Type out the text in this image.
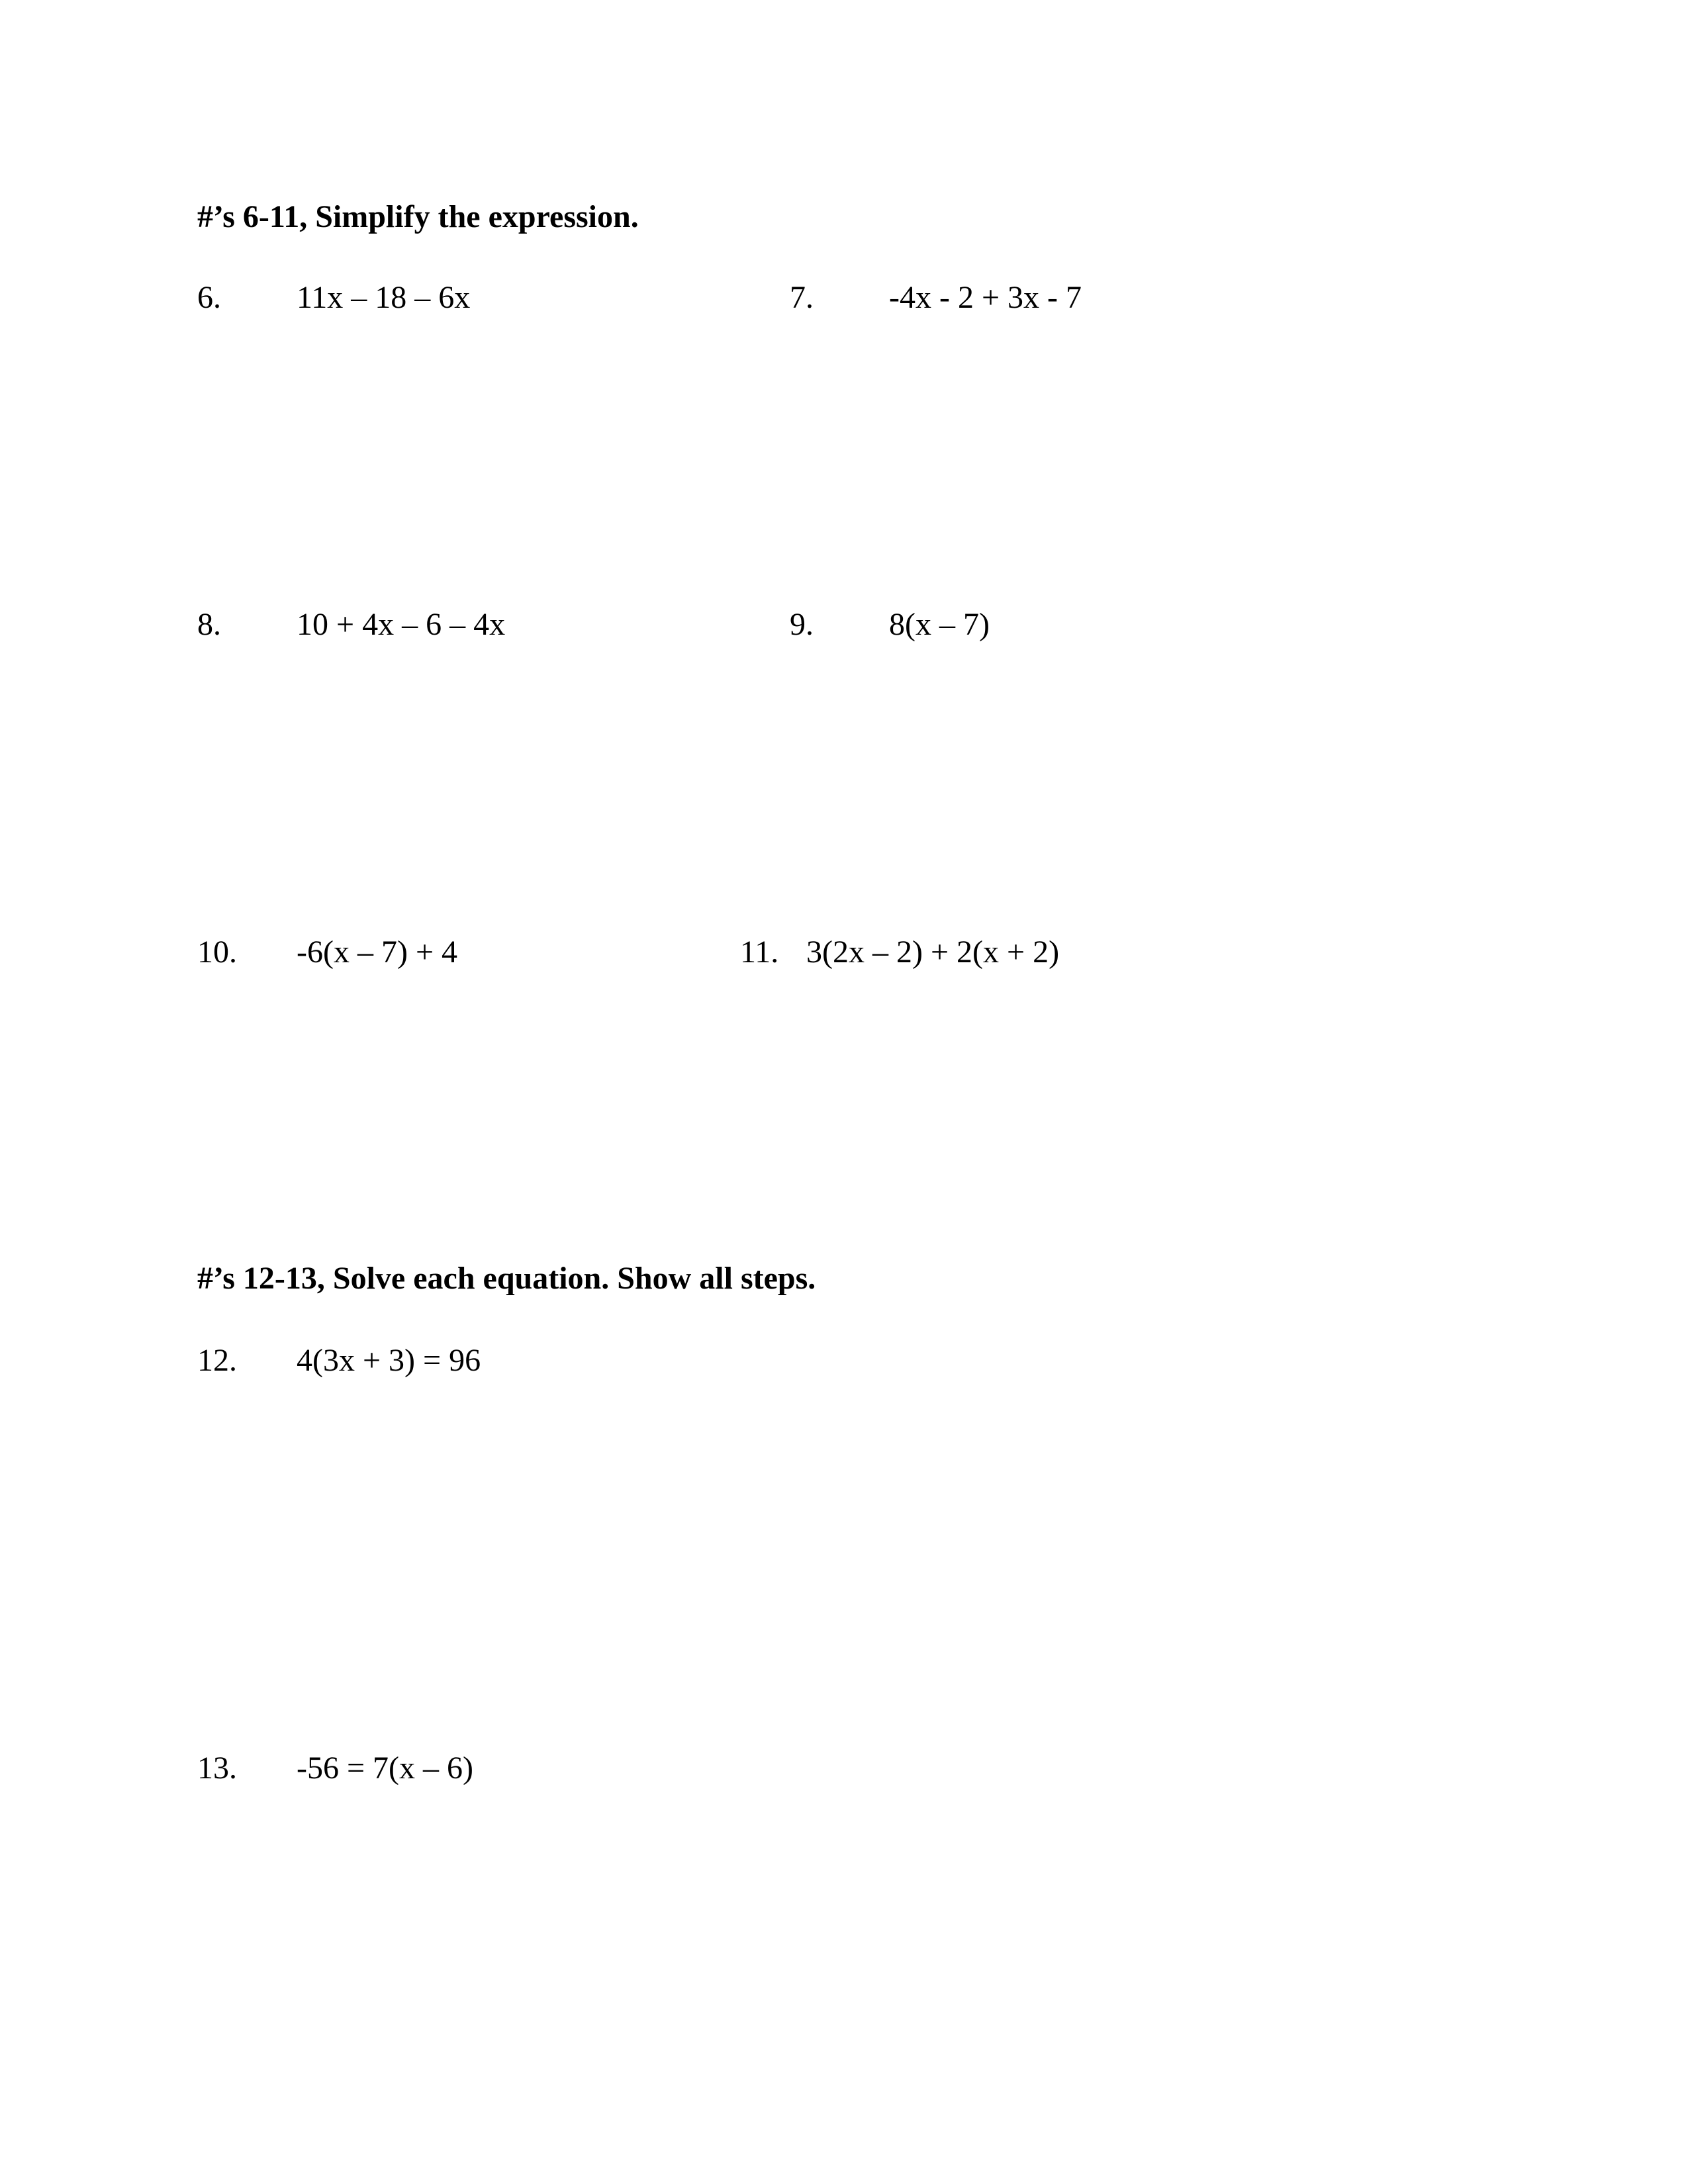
#’s 6-11, Simplify the expression.
6. 11x – 18 – 6x	7. -4x - 2 + 3x - 7
8. 10 + 4x – 6 – 4x	9. 8(x – 7)
10. -6(x – 7) + 4	11. 3(2x – 2) + 2(x + 2)
#’s 12-13, Solve each equation. Show all steps.
12. 4(3x + 3) = 96
13. -56 = 7(x – 6)
